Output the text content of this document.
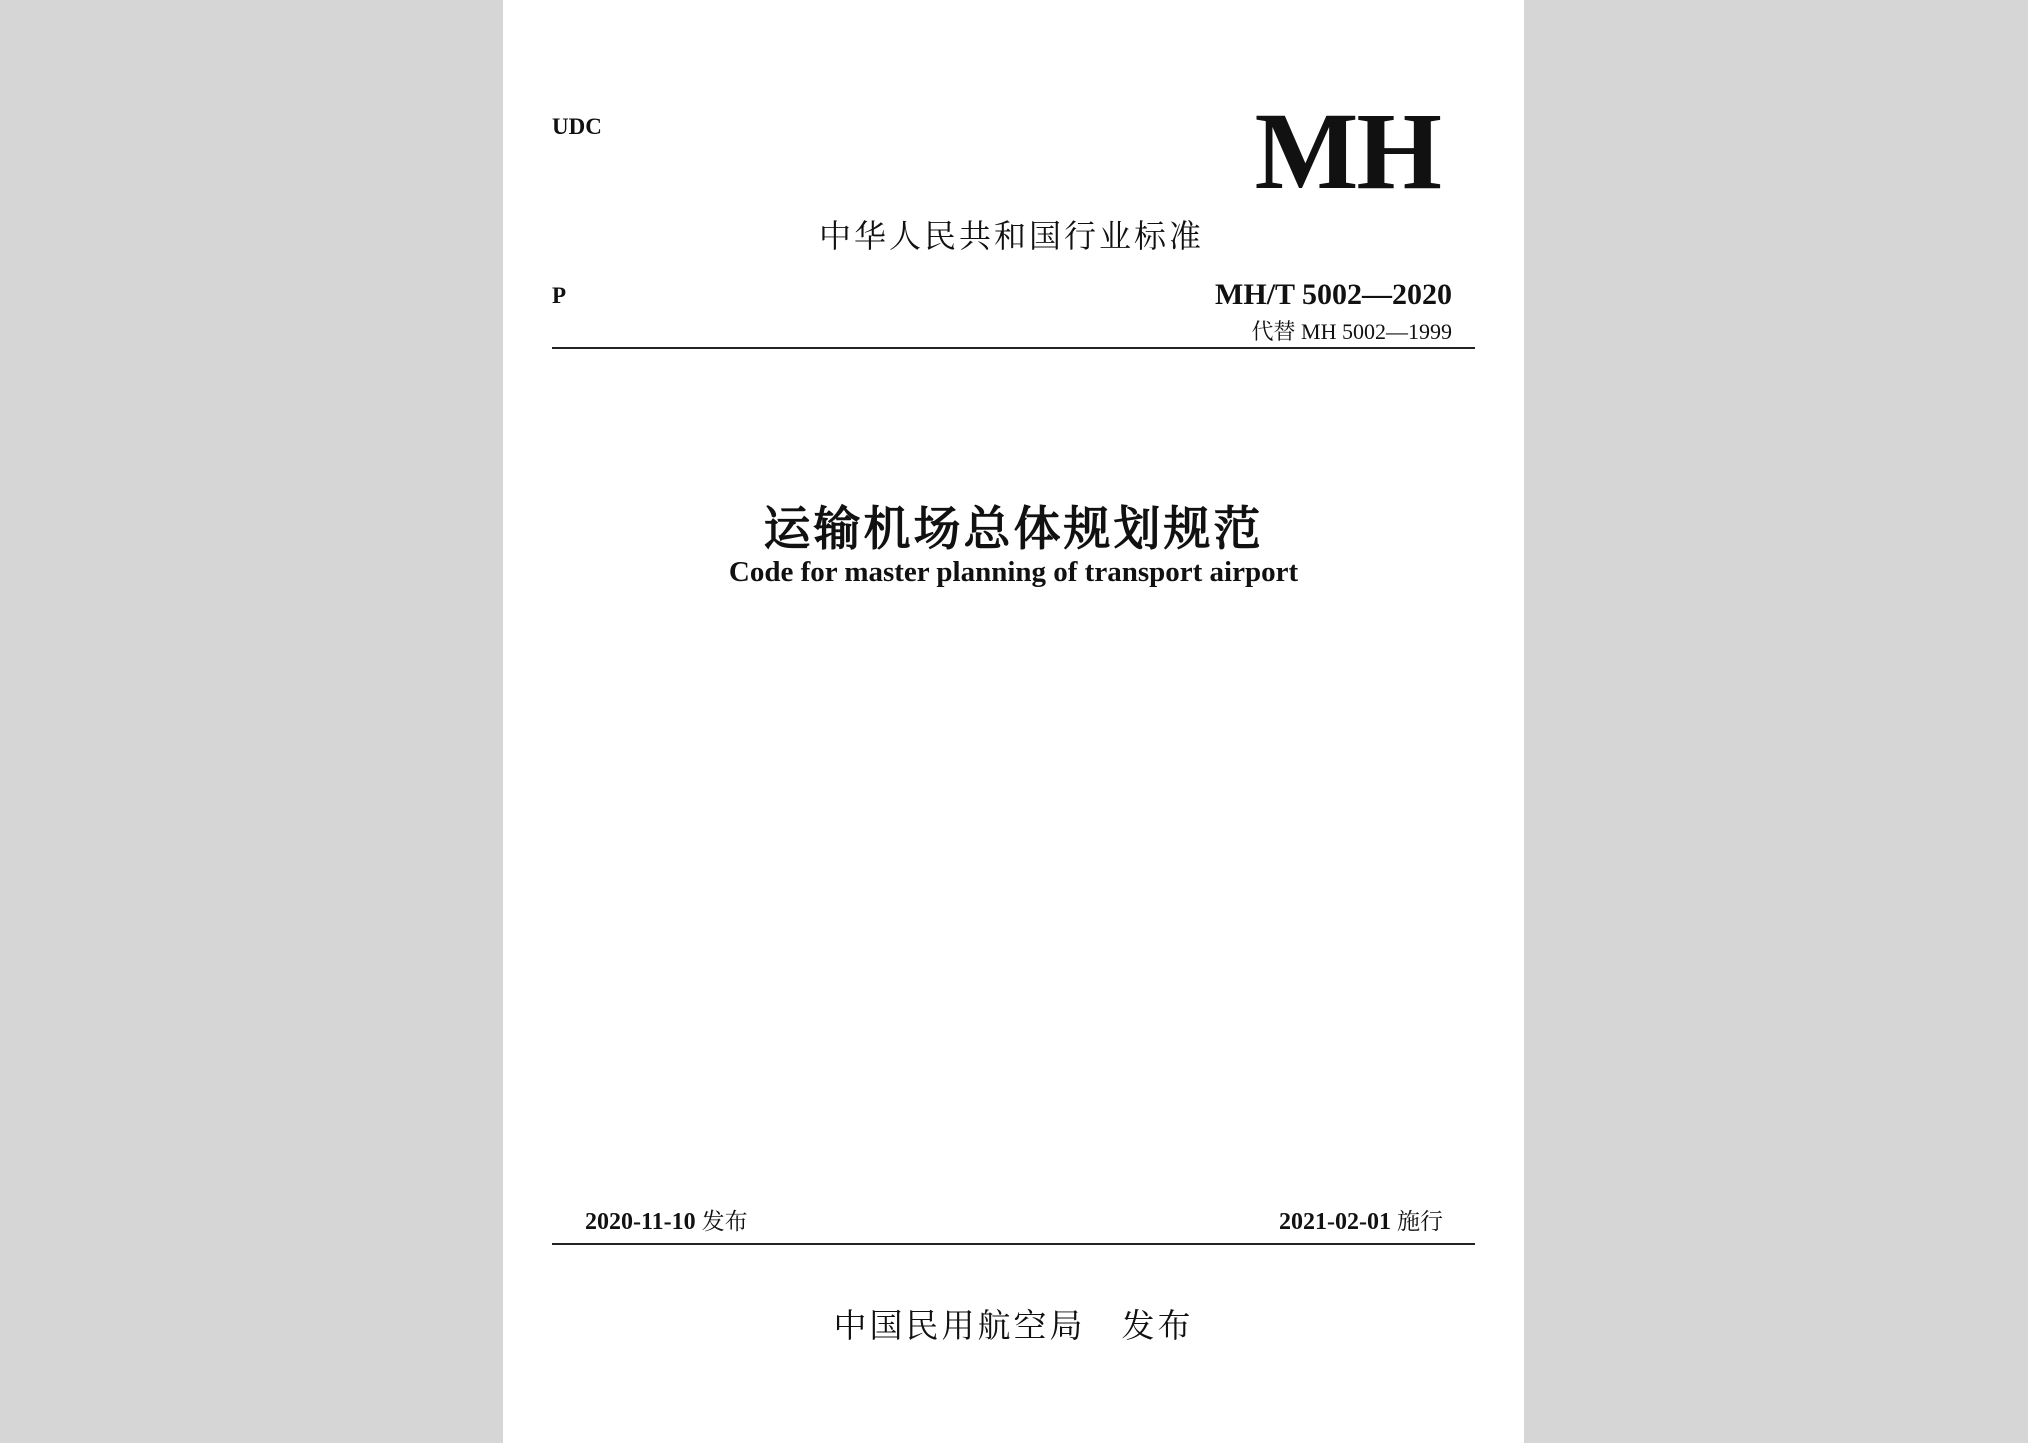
UDC	MH
中华人民共和国行业标准
P	MH/T 5002—2020
代替 MH 5002—1999
运输机场总体规划规范
Code for master planning of transport airport
2020-11-10 发布	2021-02-01 施行
中国民用航空局 发布
